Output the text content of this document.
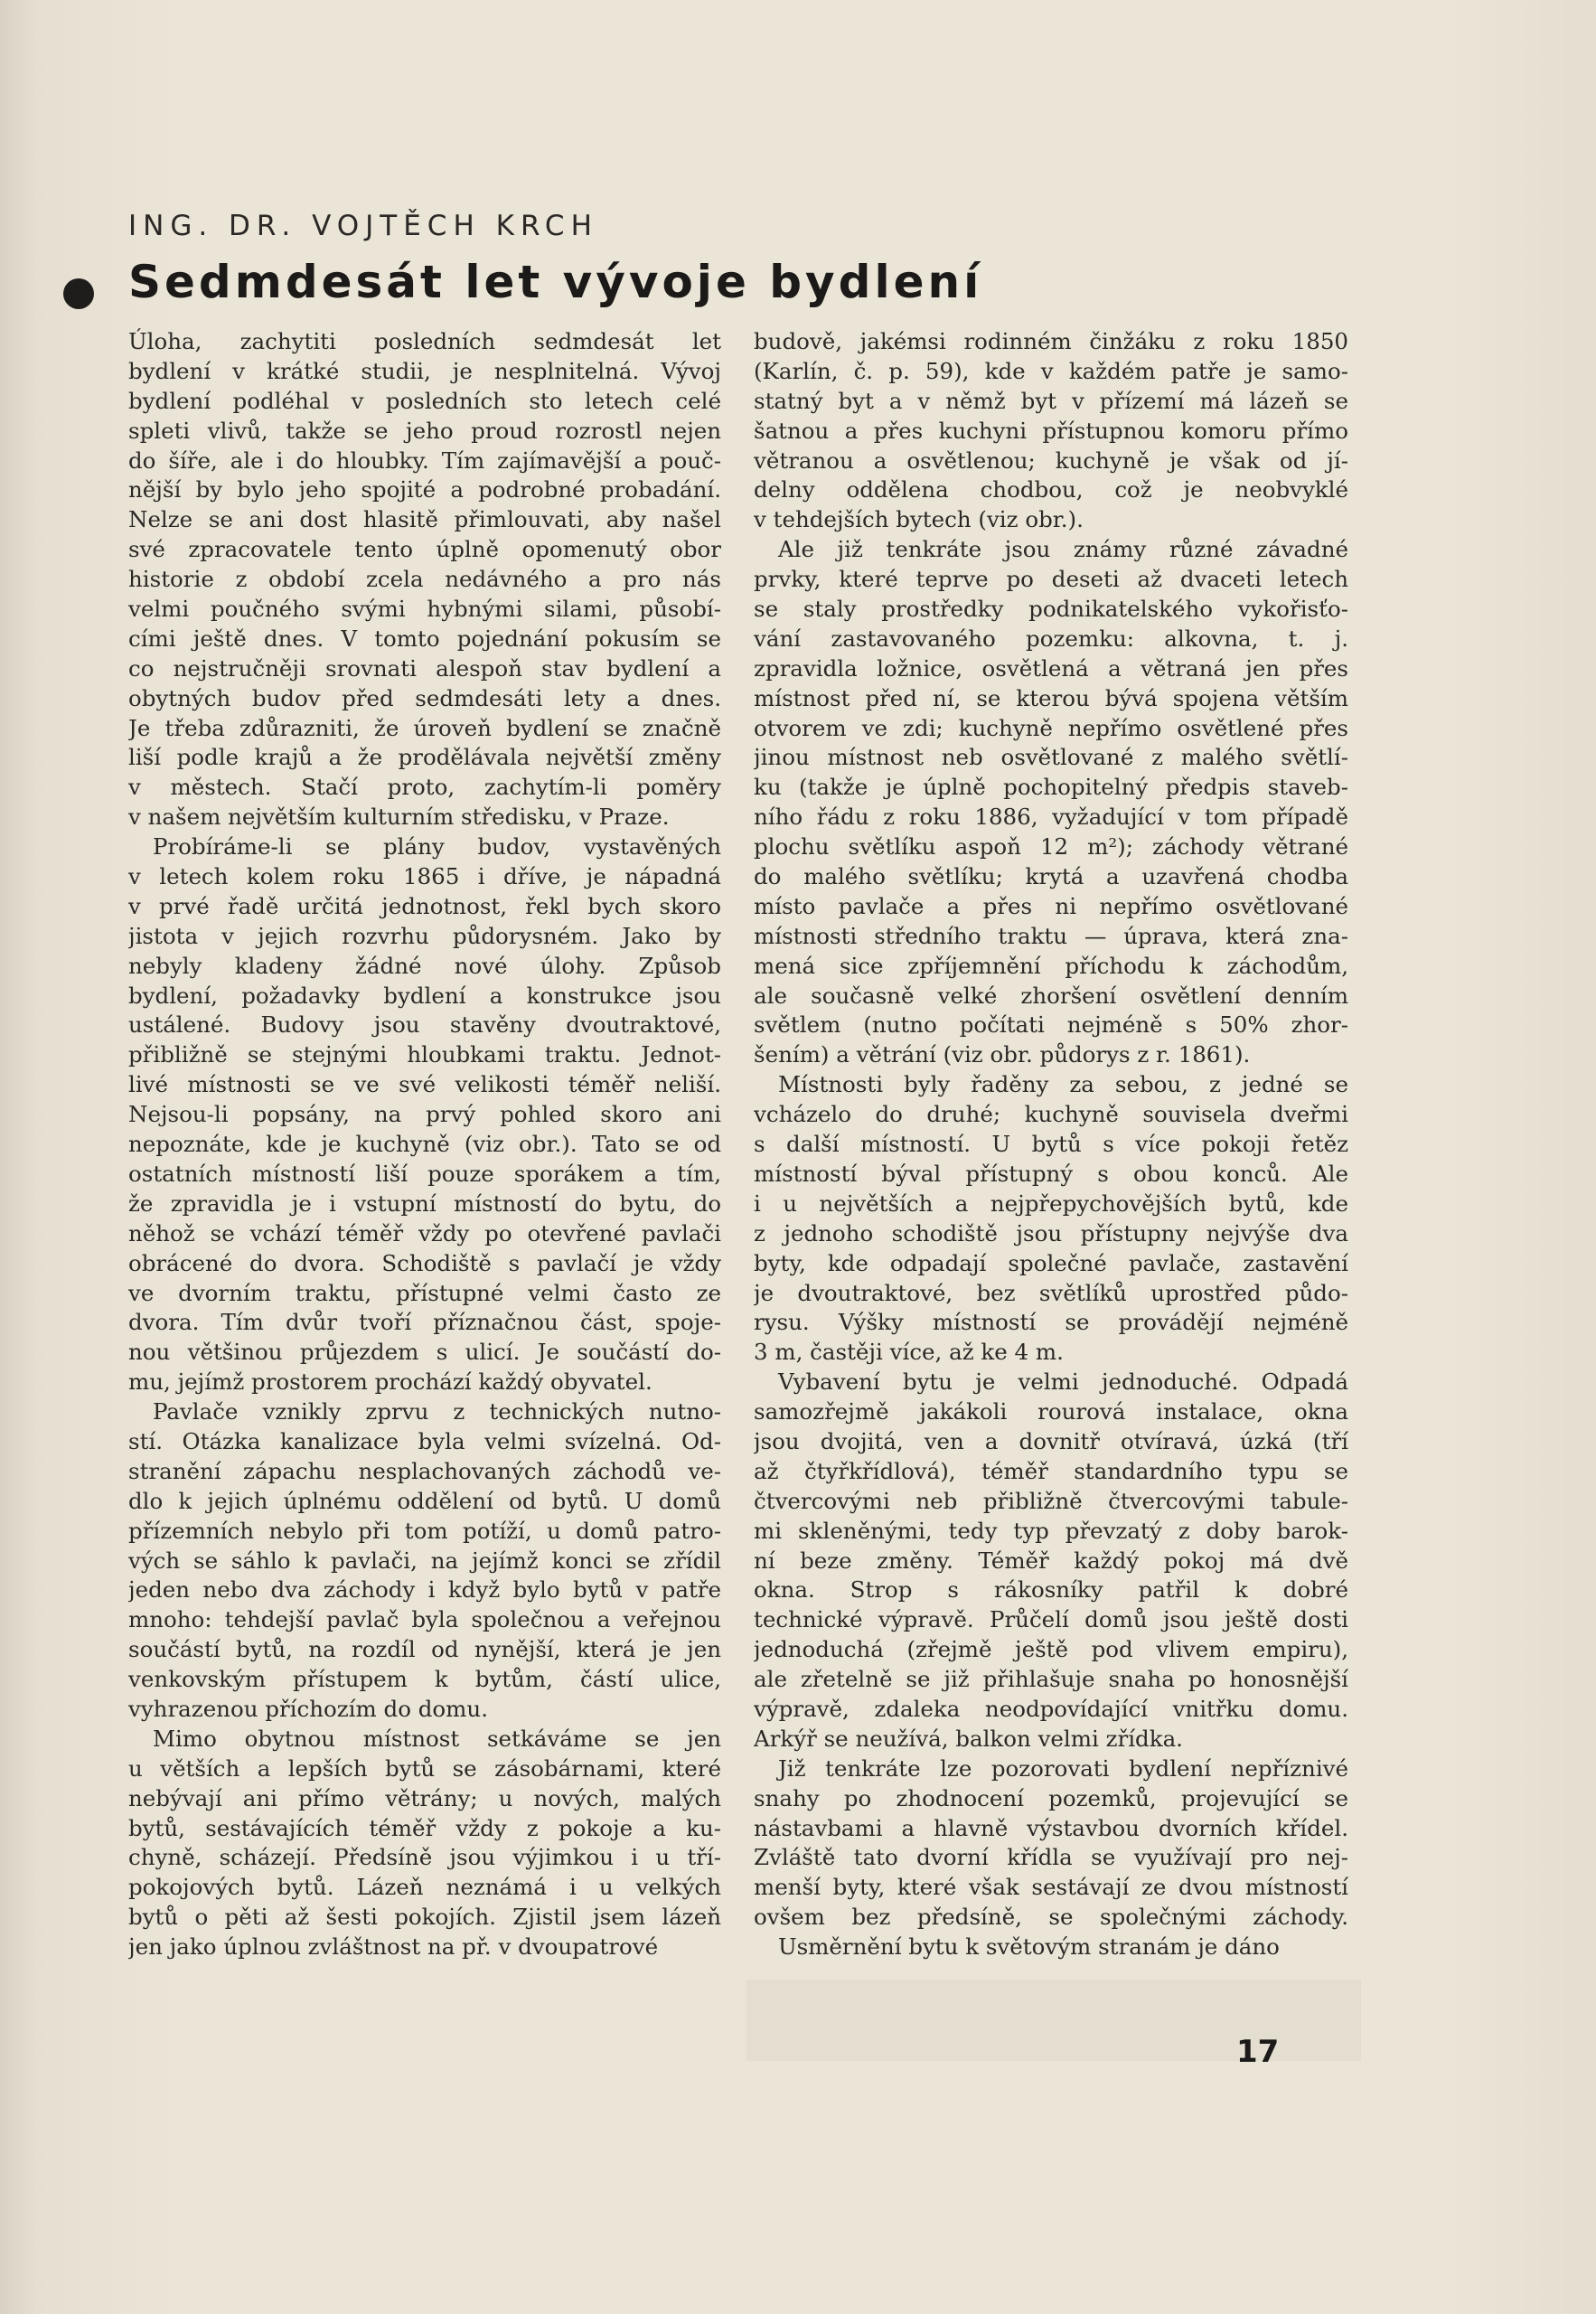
ING. DR. VOJTĚCH KRCH
Sedmdesát let vývoje bydlení
Úloha, zachytiti posledních sedmdesát let
bydlení v krátké studii, je nesplnitelná. Vývoj
bydlení podléhal v posledních sto letech celé
spleti vlivů, takže se jeho proud rozrostl nejen
do šíře, ale i do hloubky. Tím zajímavější a pouč-
nější by bylo jeho spojité a podrobné probadání.
Nelze se ani dost hlasitě přimlouvati, aby našel
své zpracovatele tento úplně opomenutý obor
historie z období zcela nedávného a pro nás
velmi poučného svými hybnými silami, působí-
cími ještě dnes. V tomto pojednání pokusím se
co nejstručněji srovnati alespoň stav bydlení a
obytných budov před sedmdesáti lety a dnes.
Je třeba zdůrazniti, že úroveň bydlení se značně
liší podle krajů a že prodělávala největší změny
v městech. Stačí proto, zachytím-li poměry
v našem největším kulturním středisku, v Praze.
Probíráme-li se plány budov, vystavěných
v letech kolem roku 1865 i dříve, je nápadná
v prvé řadě určitá jednotnost, řekl bych skoro
jistota v jejich rozvrhu půdorysném. Jako by
nebyly kladeny žádné nové úlohy. Způsob
bydlení, požadavky bydlení a konstrukce jsou
ustálené. Budovy jsou stavěny dvoutraktové,
přibližně se stejnými hloubkami traktu. Jednot-
livé místnosti se ve své velikosti téměř neliší.
Nejsou-li popsány, na prvý pohled skoro ani
nepoznáte, kde je kuchyně (viz obr.). Tato se od
ostatních místností liší pouze sporákem a tím,
že zpravidla je i vstupní místností do bytu, do
něhož se vchází téměř vždy po otevřené pavlači
obrácené do dvora. Schodiště s pavlačí je vždy
ve dvorním traktu, přístupné velmi často ze
dvora. Tím dvůr tvoří příznačnou část, spoje-
nou většinou průjezdem s ulicí. Je součástí do-
mu, jejímž prostorem prochází každý obyvatel.
Pavlače vznikly zprvu z technických nutno-
stí. Otázka kanalizace byla velmi svízelná. Od-
stranění zápachu nesplachovaných záchodů ve-
dlo k jejich úplnému oddělení od bytů. U domů
přízemních nebylo při tom potíží, u domů patro-
vých se sáhlo k pavlači, na jejímž konci se zřídil
jeden nebo dva záchody i když bylo bytů v patře
mnoho: tehdejší pavlač byla společnou a veřejnou
součástí bytů, na rozdíl od nynější, která je jen
venkovským přístupem k bytům, částí ulice,
vyhrazenou příchozím do domu.
Mimo obytnou místnost setkáváme se jen
u větších a lepších bytů se zásobárnami, které
nebývají ani přímo větrány; u nových, malých
bytů, sestávajících téměř vždy z pokoje a ku-
chyně, scházejí. Předsíně jsou výjimkou i u tří-
pokojových bytů. Lázeň neznámá i u velkých
bytů o pěti až šesti pokojích. Zjistil jsem lázeň
jen jako úplnou zvláštnost na př. v dvoupatrové
budově, jakémsi rodinném činžáku z roku 1850
(Karlín, č. p. 59), kde v každém patře je samo-
statný byt a v němž byt v přízemí má lázeň se
šatnou a přes kuchyni přístupnou komoru přímo
větranou a osvětlenou; kuchyně je však od jí-
delny oddělena chodbou, což je neobvyklé
v tehdejších bytech (viz obr.).
Ale již tenkráte jsou známy různé závadné
prvky, které teprve po deseti až dvaceti letech
se staly prostředky podnikatelského vykořisťo-
vání zastavovaného pozemku: alkovna, t. j.
zpravidla ložnice, osvětlená a větraná jen přes
místnost před ní, se kterou bývá spojena větším
otvorem ve zdi; kuchyně nepřímo osvětlené přes
jinou místnost neb osvětlované z malého světlí-
ku (takže je úplně pochopitelný předpis staveb-
ního řádu z roku 1886, vyžadující v tom případě
plochu světlíku aspoň 12 m²); záchody větrané
do malého světlíku; krytá a uzavřená chodba
místo pavlače a přes ni nepřímo osvětlované
místnosti středního traktu — úprava, která zna-
mená sice zpříjemnění příchodu k záchodům,
ale současně velké zhoršení osvětlení denním
světlem (nutno počítati nejméně s 50% zhor-
šením) a větrání (viz obr. půdorys z r. 1861).
Místnosti byly řaděny za sebou, z jedné se
vcházelo do druhé; kuchyně souvisela dveřmi
s další místností. U bytů s více pokoji řetěz
místností býval přístupný s obou konců. Ale
i u největších a nejpřepychovějších bytů, kde
z jednoho schodiště jsou přístupny nejvýše dva
byty, kde odpadají společné pavlače, zastavění
je dvoutraktové, bez světlíků uprostřed půdo-
rysu. Výšky místností se provádějí nejméně
3 m, častěji více, až ke 4 m.
Vybavení bytu je velmi jednoduché. Odpadá
samozřejmě jakákoli rourová instalace, okna
jsou dvojitá, ven a dovnitř otvíravá, úzká (tří
až čtyřkřídlová), téměř standardního typu se
čtvercovými neb přibližně čtvercovými tabule-
mi skleněnými, tedy typ převzatý z doby barok-
ní beze změny. Téměř každý pokoj má dvě
okna. Strop s rákosníky patřil k dobré
technické výpravě. Průčelí domů jsou ještě dosti
jednoduchá (zřejmě ještě pod vlivem empiru),
ale zřetelně se již přihlašuje snaha po honosnější
výpravě, zdaleka neodpovídající vnitřku domu.
Arkýř se neužívá, balkon velmi zřídka.
Již tenkráte lze pozorovati bydlení nepříznivé
snahy po zhodnocení pozemků, projevující se
nástavbami a hlavně výstavbou dvorních křídel.
Zvláště tato dvorní křídla se využívají pro nej-
menší byty, které však sestávají ze dvou místností
ovšem bez předsíně, se společnými záchody.
Usměrnění bytu k světovým stranám je dáno
17
